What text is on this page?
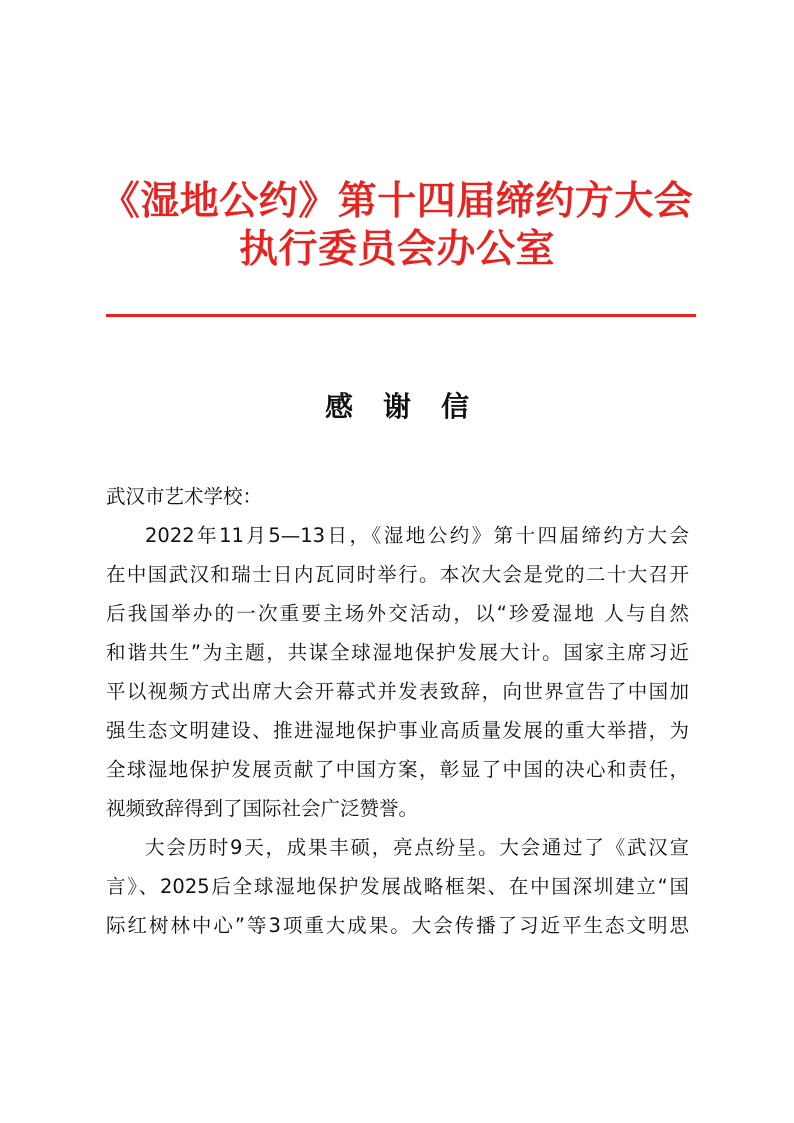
《湿地公约》第十四届缔约方大会
执行委员会办公室
感谢信
武汉市艺术学校：
2022年11月5—13日，《湿地公约》第十四届缔约方大会
在中国武汉和瑞士日内瓦同时举行。本次大会是党的二十大召开
后我国举办的一次重要主场外交活动，以“珍爱湿地 人与自然
和谐共生”为主题，共谋全球湿地保护发展大计。国家主席习近
平以视频方式出席大会开幕式并发表致辞，向世界宣告了中国加
强生态文明建设、推进湿地保护事业高质量发展的重大举措，为
全球湿地保护发展贡献了中国方案，彰显了中国的决心和责任，
视频致辞得到了国际社会广泛赞誉。
大会历时9天，成果丰硕，亮点纷呈。大会通过了《武汉宣
言》、2025后全球湿地保护发展战略框架、在中国深圳建立“国
际红树林中心”等3项重大成果。大会传播了习近平生态文明思
